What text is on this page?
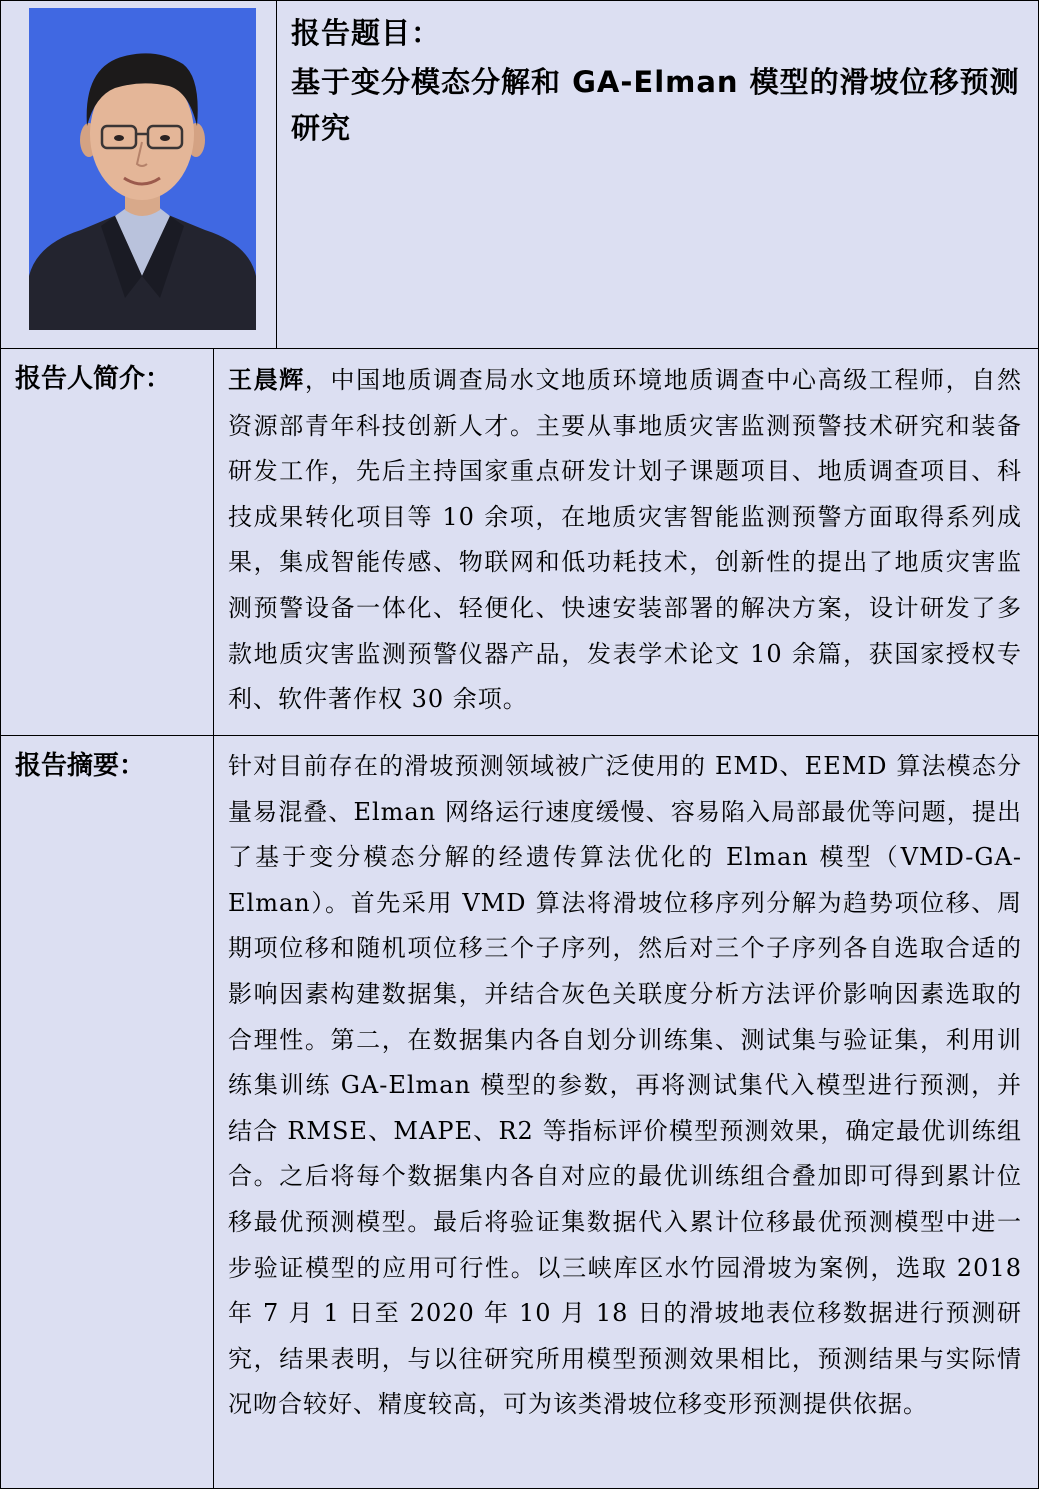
报告题目：
基于变分模态分解和 GA-Elman 模型的滑坡位移预测研究
报告人简介： 王晨辉，中国地质调查局水文地质环境地质调查中心高级工程师，自然资源部青年科技创新人才。主要从事地质灾害监测预警技术研究和装备研发工作，先后主持国家重点研发计划子课题项目、地质调查项目、科技成果转化项目等 10 余项，在地质灾害智能监测预警方面取得系列成果，集成智能传感、物联网和低功耗技术，创新性的提出了地质灾害监测预警设备一体化、轻便化、快速安装部署的解决方案，设计研发了多款地质灾害监测预警仪器产品，发表学术论文 10 余篇，获国家授权专利、软件著作权 30 余项。
报告摘要：	针对目前存在的滑坡预测领域被广泛使用的 EMD、EEMD 算法模态分量易混叠、Elman 网络运行速度缓慢、容易陷入局部最优等问题，提出了基于变分模态分解的经遗传算法优化的 Elman 模型（VMD-GA-Elman）。首先采用 VMD 算法将滑坡位移序列分解为趋势项位移、周期项位移和随机项位移三个子序列，然后对三个子序列各自选取合适的影响因素构建数据集，并结合灰色关联度分析方法评价影响因素选取的合理性。第二，在数据集内各自划分训练集、测试集与验证集，利用训练集训练 GA-Elman 模型的参数，再将测试集代入模型进行预测，并结合 RMSE、MAPE、R2 等指标评价模型预测效果，确定最优训练组合。之后将每个数据集内各自对应的最优训练组合叠加即可得到累计位移最优预测模型。最后将验证集数据代入累计位移最优预测模型中进一步验证模型的应用可行性。以三峡库区水竹园滑坡为案例，选取 2018 年 7 月 1 日至 2020 年 10 月 18 日的滑坡地表位移数据进行预测研究，结果表明，与以往研究所用模型预测效果相比，预测结果与实际情况吻合较好、精度较高，可为该类滑坡位移变形预测提供依据。
